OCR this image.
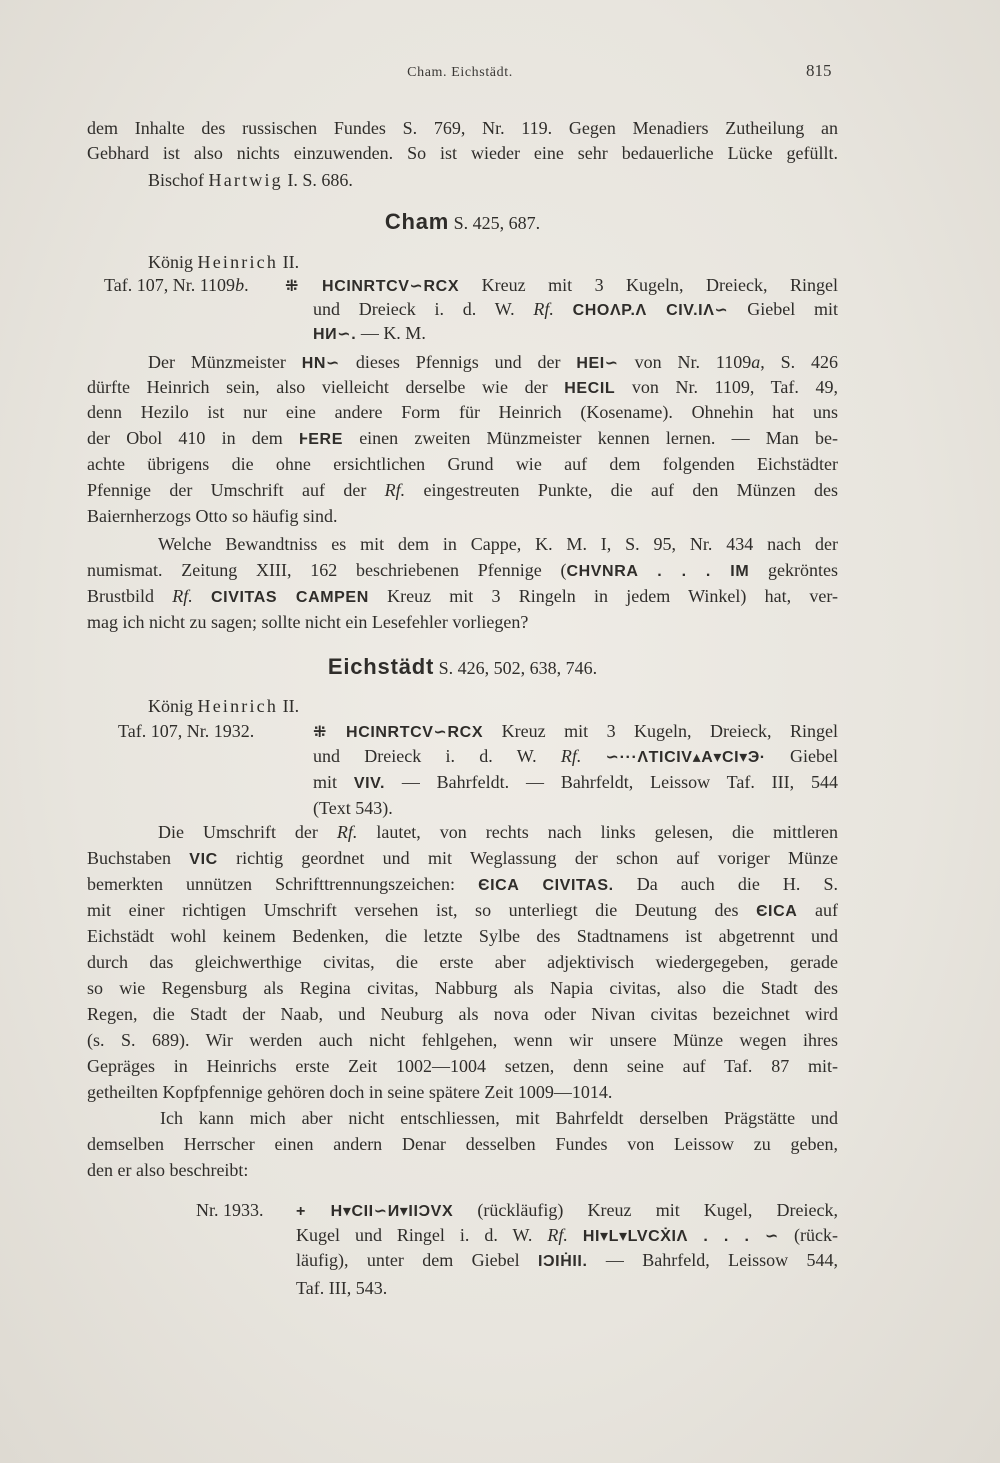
Cham. Eichstädt.	815
dem Inhalte des russischen Fundes S. 769, Nr. 119. Gegen Menadiers Zutheilung an
Gebhard ist also nichts einzuwenden. So ist wieder eine sehr bedauerliche Lücke gefüllt.
Bischof Hartwig I. S. 686.
Cham S. 425, 687.
König Heinrich II.
Taf. 107, Nr. 1109b.	⁜ HCINRTCV∽RCX Kreuz mit 3 Kugeln, Dreieck, Ringel
und Dreieck i. d. W. Rf. CHOΛP.Λ CIV.IΛ∽ Giebel mit
HИ∽. — K. M.
Der Münzmeister HN∽ dieses Pfennigs und der HEI∽ von Nr. 1109a, S. 426
dürfte Heinrich sein, also vielleicht derselbe wie der HECIL von Nr. 1109, Taf. 49,
denn Hezilo ist nur eine andere Form für Heinrich (Kosename). Ohnehin hat uns
der Obol 410 in dem ⱵERE einen zweiten Münzmeister kennen lernen. — Man be-
achte übrigens die ohne ersichtlichen Grund wie auf dem folgenden Eichstädter
Pfennige der Umschrift auf der Rf. eingestreuten Punkte, die auf den Münzen des
Baiernherzogs Otto so häufig sind.
Welche Bewandtniss es mit dem in Cappe, K. M. I, S. 95, Nr. 434 nach der
numismat. Zeitung XIII, 162 beschriebenen Pfennige (CHVNRA . . . IM gekröntes
Brustbild Rf. CIVITAS CAMPEN Kreuz mit 3 Ringeln in jedem Winkel) hat, ver-
mag ich nicht zu sagen; sollte nicht ein Lesefehler vorliegen?
Eichstädt S. 426, 502, 638, 746.
König Heinrich II.
Taf. 107, Nr. 1932.	⁜ HCINRTCV∽RCX Kreuz mit 3 Kugeln, Dreieck, Ringel
und Dreieck i. d. W. Rf. ∽···ΛTICIV▴A▾CI▾Э· Giebel
mit VIV. — Bahrfeldt. — Bahrfeldt, Leissow Taf. III, 544
(Text 543).
Die Umschrift der Rf. lautet, von rechts nach links gelesen, die mittleren
Buchstaben VIC richtig geordnet und mit Weglassung der schon auf voriger Münze
bemerkten unnützen Schrifttrennungszeichen: ЄICA CIVITAS. Da auch die H. S.
mit einer richtigen Umschrift versehen ist, so unterliegt die Deutung des ЄICA auf
Eichstädt wohl keinem Bedenken, die letzte Sylbe des Stadtnamens ist abgetrennt und
durch das gleichwerthige civitas, die erste aber adjektivisch wiedergegeben, gerade
so wie Regensburg als Regina civitas, Nabburg als Napia civitas, also die Stadt des
Regen, die Stadt der Naab, und Neuburg als nova oder Nivan civitas bezeichnet wird
(s. S. 689). Wir werden auch nicht fehlgehen, wenn wir unsere Münze wegen ihres
Gepräges in Heinrichs erste Zeit 1002—1004 setzen, denn seine auf Taf. 87 mit-
getheilten Kopfpfennige gehören doch in seine spätere Zeit 1009—1014.
Ich kann mich aber nicht entschliessen, mit Bahrfeldt derselben Prägstätte und
demselben Herrscher einen andern Denar desselben Fundes von Leissow zu geben,
den er also beschreibt:
Nr. 1933.	+ H▾CII∽И▾IIƆVX (rückläufig) Kreuz mit Kugel, Dreieck,
Kugel und Ringel i. d. W. Rf. HI▾L▾LVCẊIΛ . . . ∽ (rück-
läufig), unter dem Giebel IƆIḢII. — Bahrfeld, Leissow 544,
Taf. III, 543.
